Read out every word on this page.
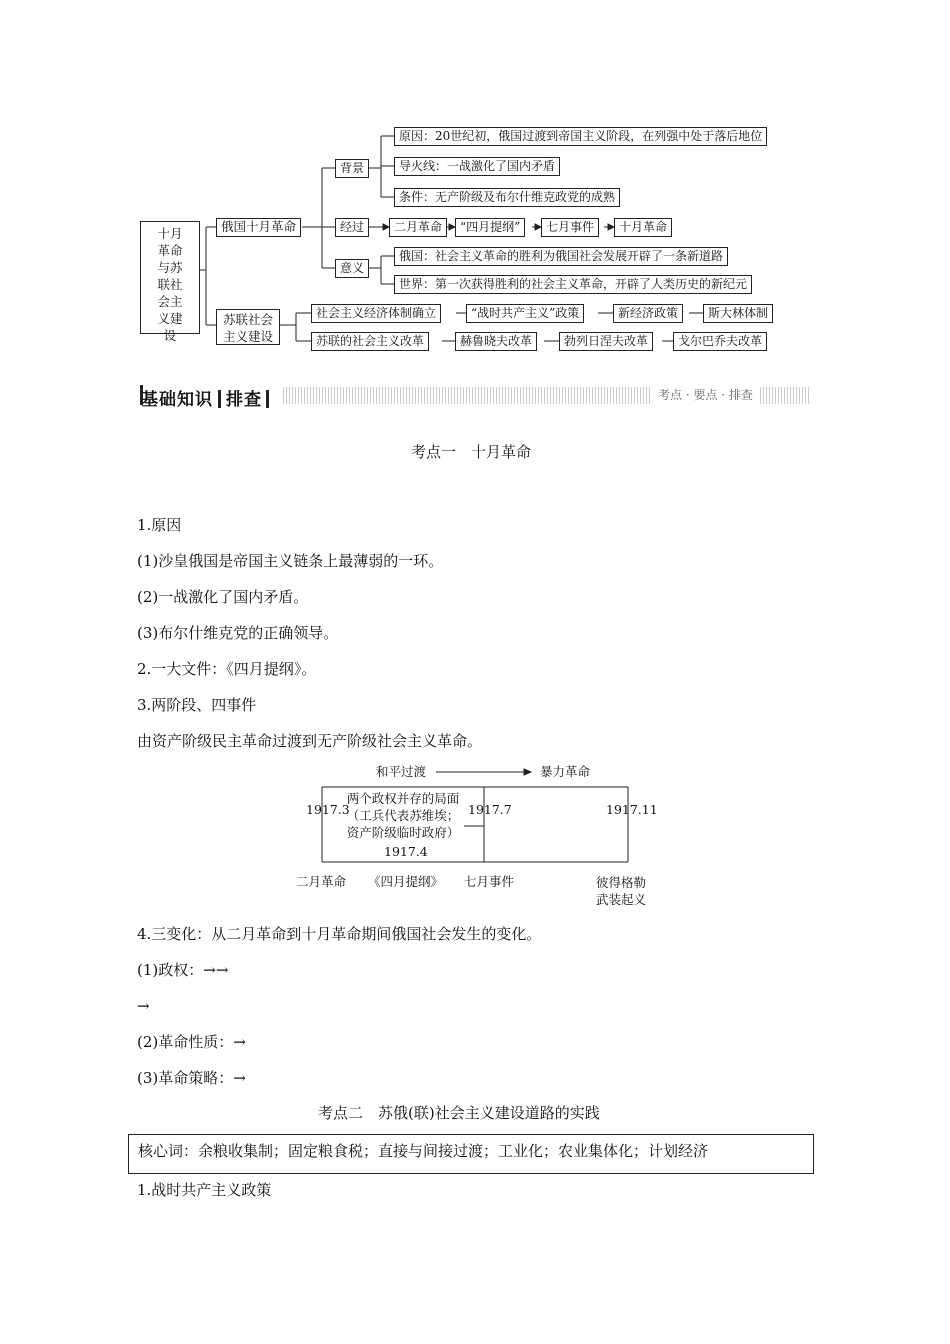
十月
革命
与苏
联社
会主
义建
设
俄国十月革命
背景
原因：20世纪初，俄国过渡到帝国主义阶段，在列强中处于落后地位
导火线：一战激化了国内矛盾
条件：无产阶级及布尔什维克政党的成熟
经过	二月革命	“四月提纲”	七月事件	十月革命
意义
俄国：社会主义革命的胜利为俄国社会发展开辟了一条新道路
世界：第一次获得胜利的社会主义革命，开辟了人类历史的新纪元
苏联社会
主义建设
社会主义经济体制确立	“战时共产主义”政策	新经济政策	斯大林体制
苏联的社会主义改革	赫鲁晓夫改革	勃列日涅夫改革	戈尔巴乔夫改革
基础知识 排查	考点 · 要点 · 排查
考点一　十月革命
1.原因
(1)沙皇俄国是帝国主义链条上最薄弱的一环。
(2)一战激化了国内矛盾。
(3)布尔什维克党的正确领导。
2.一大文件：《四月提纲》。
3.两阶段、四事件
由资产阶级民主革命过渡到无产阶级社会主义革命。
和平过渡	暴力革命
1917.3
两个政权并存的局面
（工兵代表苏维埃；
资产阶级临时政府）
1917.4
1917.7	1917.11
二月革命 《四月提纲》 七月事件	彼得格勒
武装起义
4.三变化：从二月革命到十月革命期间俄国社会发生的变化。
(1)政权：→→
→
(2)革命性质：→
(3)革命策略：→
考点二　苏俄(联)社会主义建设道路的实践
核心词：余粮收集制；固定粮食税；直接与间接过渡；工业化；农业集体化；计划经济
1.战时共产主义政策
